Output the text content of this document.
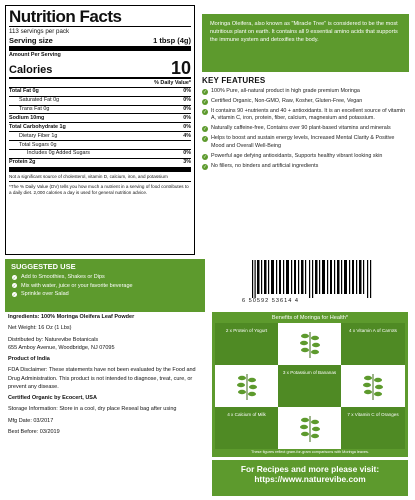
Nutrition Facts
113 servings per pack
Serving size	1 tbsp (4g)
Amount Per Serving
Calories	10
% Daily Value*
Total Fat 0g	0%
Saturated Fat 0g	0%
Trans Fat 0g	0%
Sodium 10mg	0%
Total Carbohydrate 1g	0%
Dietary Fiber 1g	4%
Total Sugars 0g
Includes 0g Added Sugars	0%
Protein 2g	3%
Not a significant source of cholesterol, vitamin D, calcium, iron, and potassium
*The % Daily Value (DV) tells you how much a nutrient in a serving of food contributes to a daily diet. 2,000 calories a day is used for general nutrition advice.

Moringa Oleifera, also known as "Miracle Tree" is considered to be the most nutritious plant on earth. It contains all 9 essential amino acids that supports the immune system and detoxifies the body.

KEY FEATURES
✓ 100% Pure, all-natural product in high grade premium Moringa
✓ Certified Organic, Non-GMO, Raw, Kosher, Gluten-Free, Vegan
✓ It contains 90 +nutrients and 40 + antioxidants. It is an excellent source of vitamin A, vitamin C, iron, protein, fiber, calcium, magnesium and potassium.
✓ Naturally caffeine-free, Contains over 90 plant-based vitamins and minerals
✓ Helps to boost and sustain energy levels, Increased Mental Clarity & Positive Mood and Overall Well-Being
✓ Powerful age defying antioxidants, Supports healthy vibrant looking skin
✓ No fillers, no binders and artificial ingredients
SUGGESTED USE
✓ Add to Smoothies, Shakes or Dips
✓ Mix with water, juice or your favorite beverage
✓ Sprinkle over Salad
6 50592 53614 4

Ingredients: 100% Moringa Oleifera Leaf Powder

Net Weight: 16 Oz (1 Lbs)

Distributed by: Naturevibe Botanicals

655 Amboy Avenue, Woodbridge, NJ 07095

Product of India

FDA Disclaimer: These statements have not been evaluated by the Food and Drug Administration. This product is not intended to diagnose, treat, cure, or prevent any disease.

Certified Organic by Ecocert, USA

Storage Information: Store in a cool, dry place Reseal bag after using

Mfg Date: 03/2017

Best Before: 03/2019

Benefits of Moringa for Health*
2 x Protein of Yogurt	4 x Vitamin A of Carrots
3 x Potassium of Bananas
4 x Calcium of Milk	7 x Vitamin C of Oranges
These figures reflect gram-for-gram comparisons with Moringa leaves.
For Recipes and more please visit:
https://www.naturevibe.com
